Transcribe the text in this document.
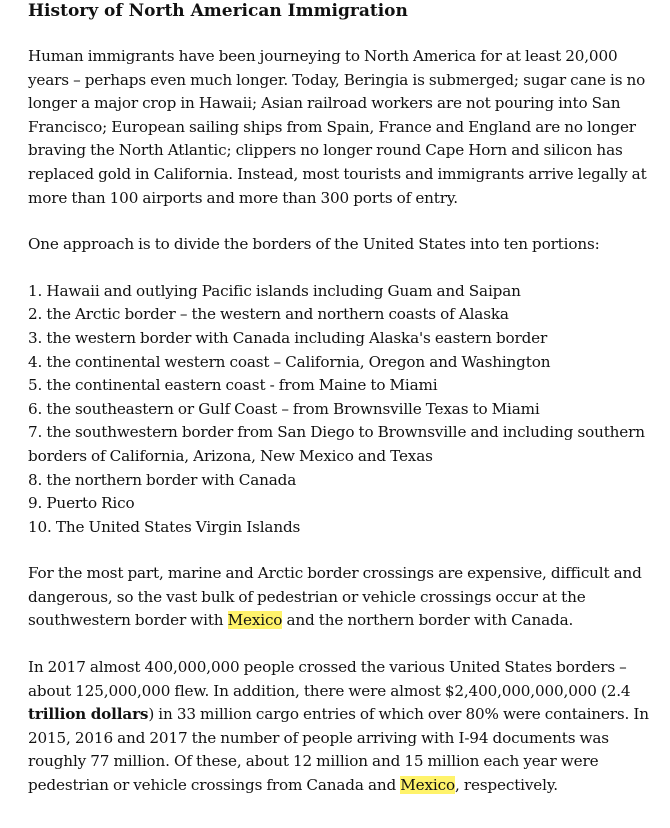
History of North American Immigration

Human immigrants have been journeying to North America for at least 20,000 years – perhaps even much longer. Today, Beringia is submerged; sugar cane is no longer a major crop in Hawaii; Asian railroad workers are not pouring into San Francisco; European sailing ships from Spain, France and England are no longer braving the North Atlantic; clippers no longer round Cape Horn and silicon has replaced gold in California. Instead, most tourists and immigrants arrive legally at more than 100 airports and more than 300 ports of entry.

One approach is to divide the borders of the United States into ten portions:

1. Hawaii and outlying Pacific islands including Guam and Saipan
2. the Arctic border – the western and northern coasts of Alaska
3. the western border with Canada including Alaska's eastern border
4. the continental western coast – California, Oregon and Washington
5. the continental eastern coast - from Maine to Miami
6. the southeastern or Gulf Coast – from Brownsville Texas to Miami
7. the southwestern border from San Diego to Brownsville and including southern borders of California, Arizona, New Mexico and Texas
8. the northern border with Canada
9. Puerto Rico
10. The United States Virgin Islands

For the most part, marine and Arctic border crossings are expensive, difficult and dangerous, so the vast bulk of pedestrian or vehicle crossings occur at the southwestern border with Mexico and the northern border with Canada.

In 2017 almost 400,000,000 people crossed the various United States borders – about 125,000,000 flew. In addition, there were almost $2,400,000,000,000 (2.4 trillion dollars) in 33 million cargo entries of which over 80% were containers. In 2015, 2016 and 2017 the number of people arriving with I-94 documents was roughly 77 million. Of these, about 12 million and 15 million each year were pedestrian or vehicle crossings from Canada and Mexico, respectively.
